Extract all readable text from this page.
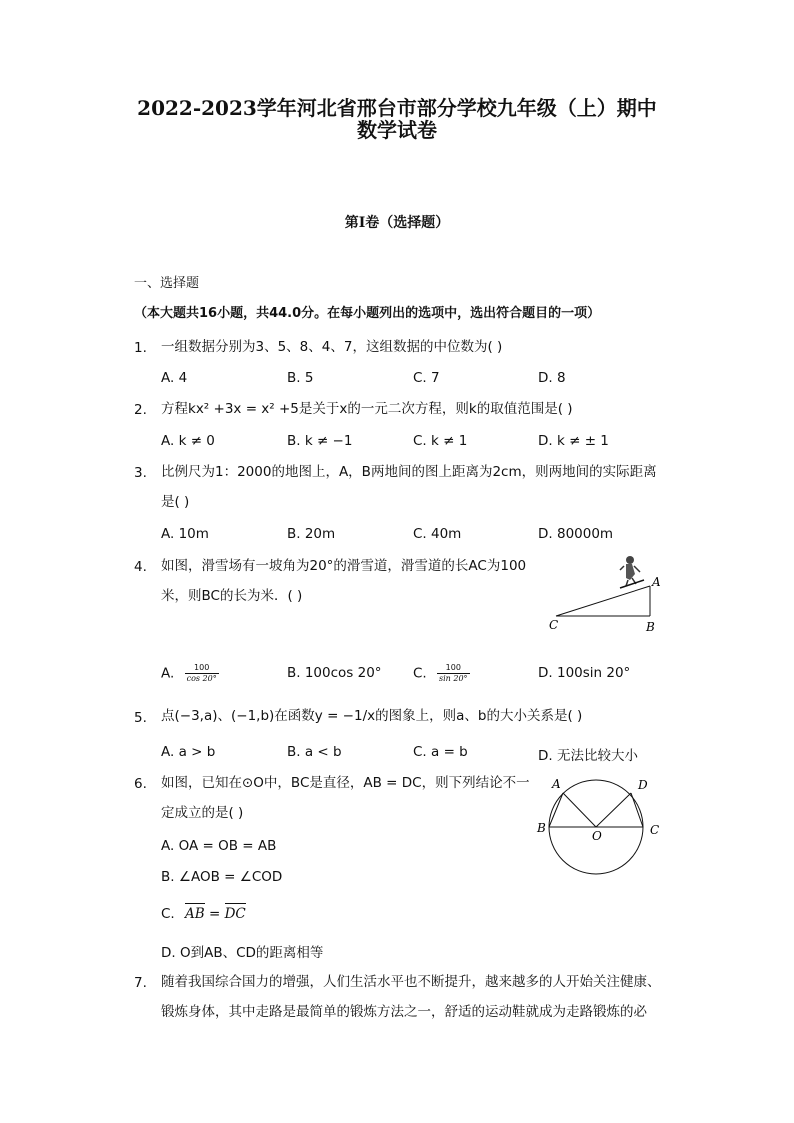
2022-2023学年河北省邢台市部分学校九年级（上）期中
数学试卷
第I卷（选择题）
一、选择题（本大题共16小题，共44.0分。在每小题列出的选项中，选出符合题目的一项）
1.	一组数据分别为3、5、8、4、7，这组数据的中位数为( )
A. 4	B. 5	C. 7	D. 8
2.	方程kx² +3x = x² +5是关于x的一元二次方程，则k的取值范围是( )
A. k ≠ 0	B. k ≠ −1	C. k ≠ 1	D. k ≠ ± 1
3.	比例尺为1：2000的地图上，A，B两地间的图上距离为2cm，则两地间的实际距离是( )
A. 10m	B. 20m	C. 40m	D. 80000m
4.	如图，滑雪场有一坡角为20°的滑雪道，滑雪道的长AC为100米，则BC的长为米．( )
A
B
C
A. $\frac{100}{\cos 20^\circ}$	B. 100cos 20° C. $\frac{100}{\sin 20^\circ}$	D. 100sin 20°
5.	点(−3,a)、(−1,b)在函数y = −1/x的图象上，则a、b的大小关系是( )
A. a > b	B. a < b	C. a = b	D. 无法比较大小
6.	如图，已知在⊙O中，BC是直径，AB = DC，则下列结论不一定成立的是( )
A	D
B	C
O
A. OA = OB = AB
B. ∠AOB = ∠COD
C. AB = DC
D. O到AB、CD的距离相等
7.	随着我国综合国力的增强，人们生活水平也不断提升，越来越多的人开始关注健康、锻炼身体，其中走路是最简单的锻炼方法之一，舒适的运动鞋就成为走路锻炼的必
